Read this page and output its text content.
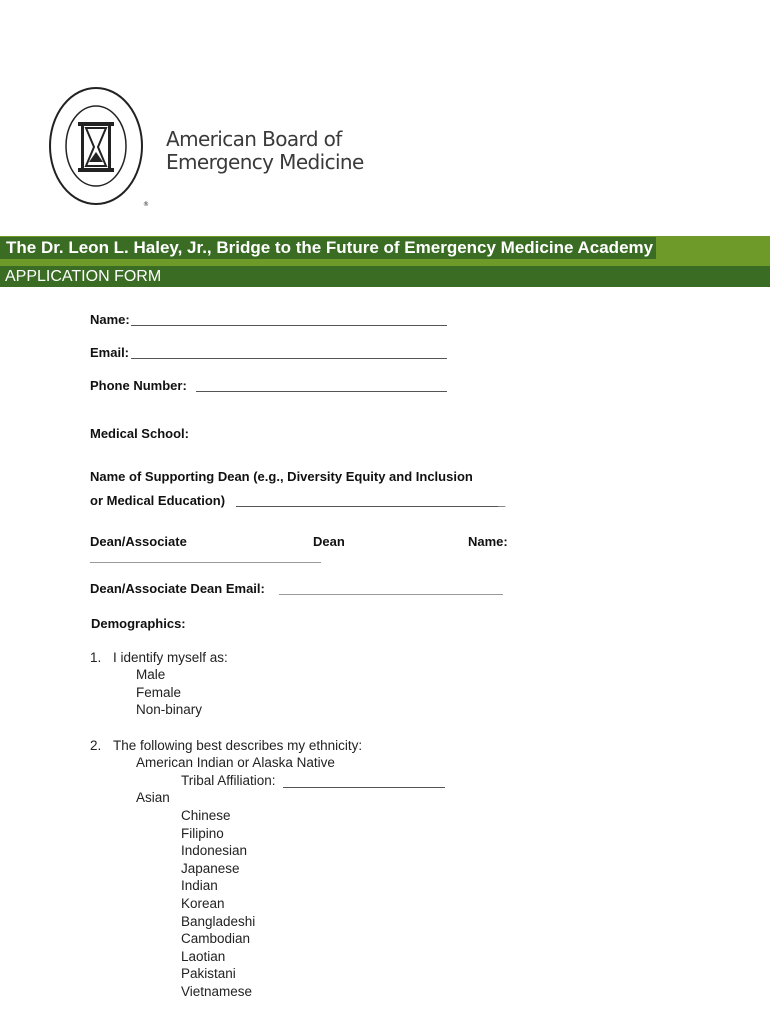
®
American Board of
Emergency Medicine
The Dr. Leon L. Haley, Jr., Bridge to the Future of Emergency Medicine Academy
APPLICATION FORM
Name:
Email:
Phone Number:
Medical School:
Name of Supporting Dean (e.g., Diversity Equity and Inclusion
or Medical Education)	_
Dean/Associate	Dean	Name:
Dean/Associate Dean Email:
Demographics:
1. I identify myself as:
Male
Female
Non-binary
2. The following best describes my ethnicity:
American Indian or Alaska Native
Tribal Affiliation:
Asian
Chinese
Filipino
Indonesian
Japanese
Indian
Korean
Bangladeshi
Cambodian
Laotian
Pakistani
Vietnamese
